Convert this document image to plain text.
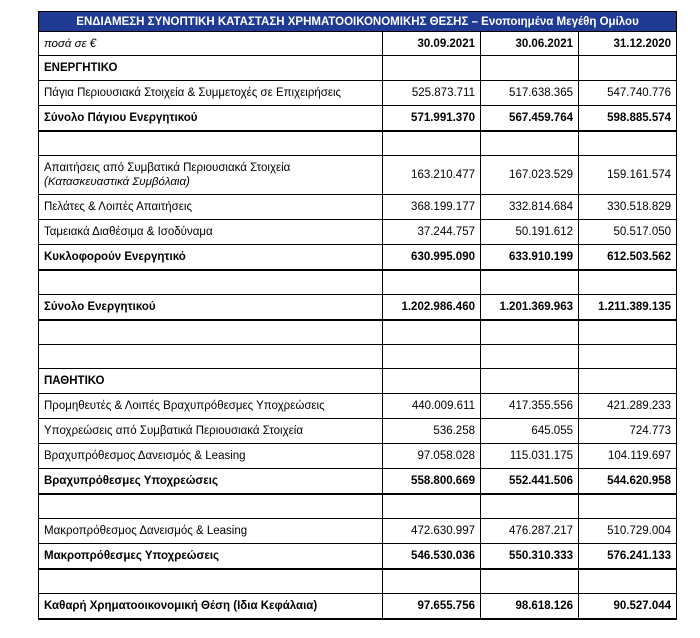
ΕΝΔΙΑΜΕΣΗ ΣΥΝΟΠΤΙΚΗ ΚΑΤΑΣΤΑΣΗ ΧΡΗΜΑΤΟΟΙΚΟΝΟΜΙΚΗΣ ΘΕΣΗΣ – Ενοποιημένα Μεγέθη Ομίλου			
ποσά σε €	30.09.2021	30.06.2021	31.12.2020
ΕΝΕΡΓΗΤΙΚΟ			
Πάγια Περιουσιακά Στοιχεία & Συμμετοχές σε Επιχειρήσεις	525.873.711	517.638.365	547.740.776
Σύνολο Πάγιου Ενεργητικού	571.991.370	567.459.764	598.885.574

Απαιτήσεις από Συμβατικά Περιουσιακά Στοιχεία
(Κατασκευαστικά Συμβόλαια)	163.210.477	167.023.529	159.161.574
Πελάτες & Λοιπές Απαιτήσεις	368.199.177	332.814.684	330.518.829
Ταμειακά Διαθέσιμα & Ισοδύναμα	37.244.757	50.191.612	50.517.050
Κυκλοφορούν Ενεργητικό	630.995.090	633.910.199	612.503.562

Σύνολο Ενεργητικού	1.202.986.460	1.201.369.963	1.211.389.135

ΠΑΘΗΤΙΚΟ			
Προμηθευτές & Λοιπές Βραχυπρόθεσμες Υποχρεώσεις	440.009.611	417.355.556	421.289.233
Υποχρεώσεις από Συμβατικά Περιουσιακά Στοιχεία	536.258	645.055	724.773
Βραχυπρόθεσμος Δανεισμός & Leasing	97.058.028	115.031.175	104.119.697
Βραχυπρόθεσμες Υποχρεώσεις	558.800.669	552.441.506	544.620.958

Μακροπρόθεσμος Δανεισμός & Leasing	472.630.997	476.287.217	510.729.004
Μακροπρόθεσμες Υποχρεώσεις	546.530.036	550.310.333	576.241.133

Καθαρή Χρηματοοικονομική Θέση (Ιδια Κεφάλαια)	97.655.756	98.618.126	90.527.044
